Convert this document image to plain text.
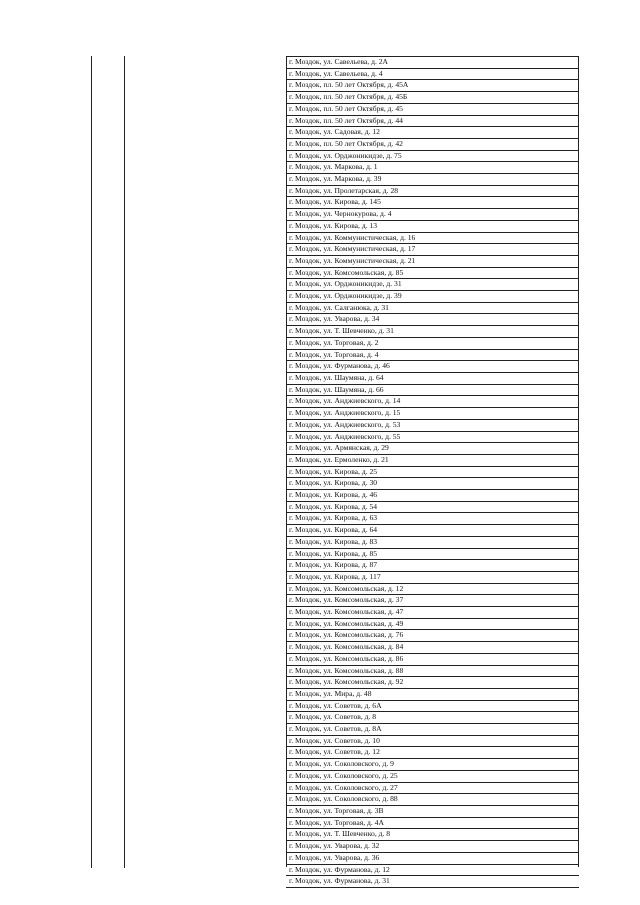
г. Моздок, ул. Савельева, д. 2А
г. Моздок, ул. Савельева, д. 4
г. Моздок, пл. 50 лет Октября, д. 45А
г. Моздок, пл. 50 лет Октября, д. 45Б
г. Моздок, пл. 50 лет Октября, д. 45
г. Моздок, пл. 50 лет Октября, д. 44
г. Моздок, ул. Садовая, д. 12
г. Моздок, пл. 50 лет Октября, д. 42
г. Моздок, ул. Орджоникидзе, д. 75
г. Моздок, ул. Маркова, д. 1
г. Моздок, ул. Маркова, д. 39
г. Моздок, ул. Пролетарская, д. 28
г. Моздок, ул. Кирова, д. 145
г. Моздок, ул. Чернокурова, д. 4
г. Моздок, ул. Кирова, д. 13
г. Моздок, ул. Коммунистическая, д. 16
г. Моздок, ул. Коммунистическая, д. 17
г. Моздок, ул. Коммунистическая, д. 21
г. Моздок, ул. Комсомольская, д. 85
г. Моздок, ул. Орджоникидзе, д. 31
г. Моздок, ул. Орджоникидзе, д. 39
г. Моздок, ул. Салганюка, д. 31
г. Моздок, ул. Уварова, д. 34
г. Моздок, ул. Т. Шевченко, д. 31
г. Моздок, ул. Торговая, д. 2
г. Моздок, ул. Торговая, д. 4
г. Моздок, ул. Фурманова, д. 46
г. Моздок, ул. Шаумяна, д. 64
г. Моздок, ул. Шаумяна, д. 66
г. Моздок, ул. Анджиевского, д. 14
г. Моздок, ул. Анджиевского, д. 15
г. Моздок, ул. Анджиевского, д. 53
г. Моздок, ул. Анджиевского, д. 55
г. Моздок, ул. Армянская, д. 29
г. Моздок, ул. Ермоленко, д. 21
г. Моздок, ул. Кирова, д. 25
г. Моздок, ул. Кирова, д. 30
г. Моздок, ул. Кирова, д. 46
г. Моздок, ул. Кирова, д. 54
г. Моздок, ул. Кирова, д. 63
г. Моздок, ул. Кирова, д. 64
г. Моздок, ул. Кирова, д. 83
г. Моздок, ул. Кирова, д. 85
г. Моздок, ул. Кирова, д. 87
г. Моздок, ул. Кирова, д. 117
г. Моздок, ул. Комсомольская, д. 12
г. Моздок, ул. Комсомольская, д. 37
г. Моздок, ул. Комсомольская, д. 47
г. Моздок, ул. Комсомольская, д. 49
г. Моздок, ул. Комсомольская, д. 76
г. Моздок, ул. Комсомольская, д. 84
г. Моздок, ул. Комсомольская, д. 86
г. Моздок, ул. Комсомольская, д. 88
г. Моздок, ул. Комсомольская, д. 92
г. Моздок, ул. Мира, д. 48
г. Моздок, ул. Советов, д. 6А
г. Моздок, ул. Советов, д. 8
г. Моздок, ул. Советов, д. 8А
г. Моздок, ул. Советов, д. 10
г. Моздок, ул. Советов, д. 12
г. Моздок, ул. Соколовского, д. 9
г. Моздок, ул. Соколовского, д. 25
г. Моздок, ул. Соколовского, д. 27
г. Моздок, ул. Соколовского, д. 88
г. Моздок, ул. Торговая, д. 3В
г. Моздок, ул. Торговая, д. 4А
г. Моздок, ул. Т. Шевченко, д. 8
г. Моздок, ул. Уварова, д. 32
г. Моздок, ул. Уварова, д. 36
г. Моздок, ул. Фурманова, д. 12
г. Моздок, ул. Фурманова, д. 31
